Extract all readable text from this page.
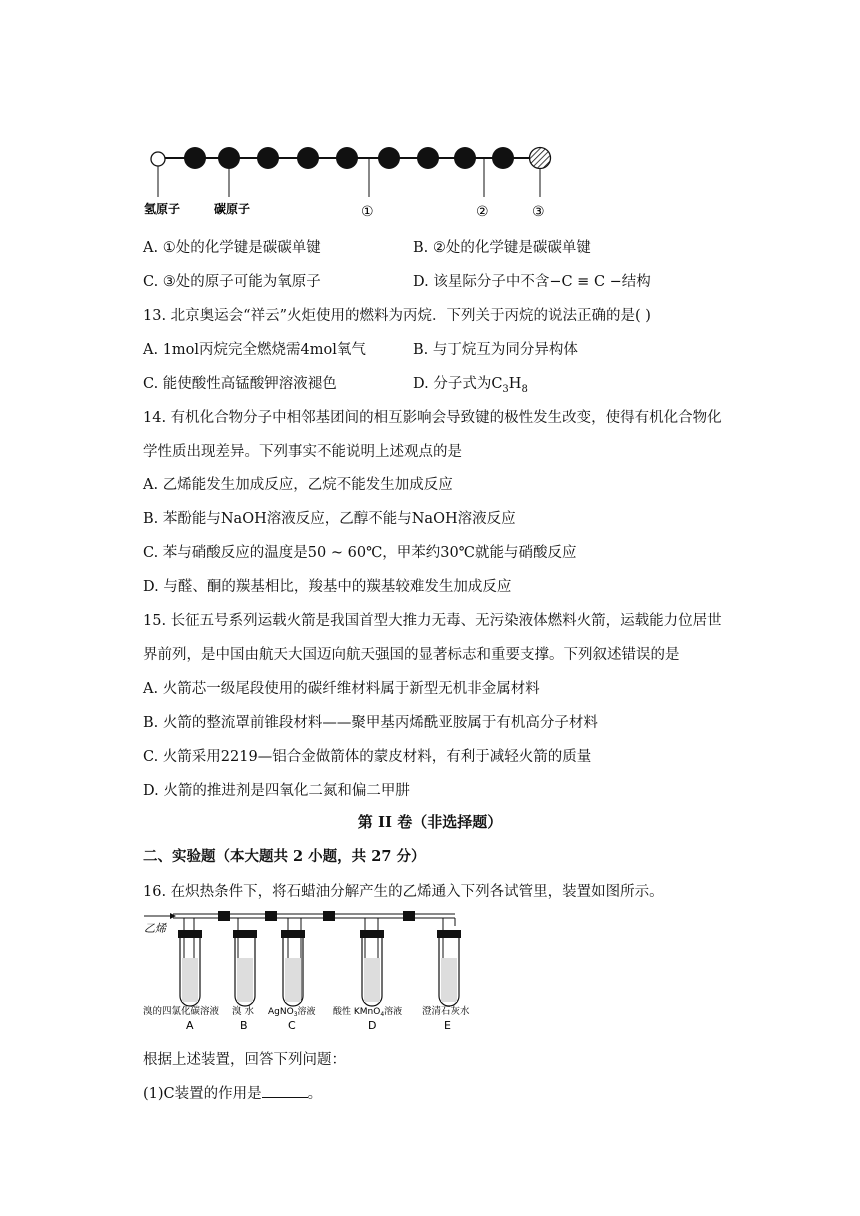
氢原子	碳原子	①	②	③
A. ①处的化学键是碳碳单键	B. ②处的化学键是碳碳单键
C. ③处的原子可能为氧原子	D. 该星际分子中不含−C ≡ C −结构
13. 北京奥运会“祥云”火炬使用的燃料为丙烷．下列关于丙烷的说法正确的是( )
A. 1mol丙烷完全燃烧需4mol氧气	B. 与丁烷互为同分异构体
C. 能使酸性高锰酸钾溶液褪色	D. 分子式为$C_3H_8$
14. 有机化合物分子中相邻基团间的相互影响会导致键的极性发生改变，使得有机化合物化
学性质出现差异。下列事实不能说明上述观点的是
A. 乙烯能发生加成反应，乙烷不能发生加成反应
B. 苯酚能与NaOH溶液反应，乙醇不能与NaOH溶液反应
C. 苯与硝酸反应的温度是50 ~ 60℃，甲苯约30℃就能与硝酸反应
D. 与醛、酮的羰基相比，羧基中的羰基较难发生加成反应
15. 长征五号系列运载火箭是我国首型大推力无毒、无污染液体燃料火箭，运载能力位居世
界前列，是中国由航天大国迈向航天强国的显著标志和重要支撑。下列叙述错误的是
A. 火箭芯一级尾段使用的碳纤维材料属于新型无机非金属材料
B. 火箭的整流罩前锥段材料——聚甲基丙烯酰亚胺属于有机高分子材料
C. 火箭采用2219—铝合金做箭体的蒙皮材料，有利于减轻火箭的质量
D. 火箭的推进剂是四氧化二氮和偏二甲肼
第 II 卷（非选择题）
二、实验题（本大题共 2 小题，共 27 分）
16. 在炽热条件下，将石蜡油分解产生的乙烯通入下列各试管里，装置如图所示。
乙烯
溴的四氯化碳溶液 溴 水 AgNO$_3$溶液 酸性 KMnO$_4$溶液 澄清石灰水
A	B	C	D	E
根据上述装置，回答下列问题：
(1)C装置的作用是	。
